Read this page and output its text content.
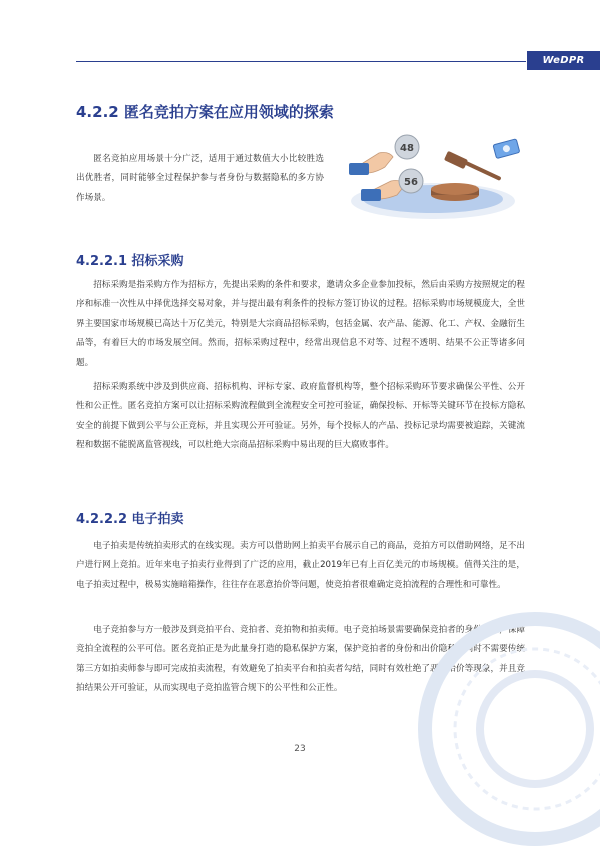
WeDPR
4.2.2 匿名竞拍方案在应用领域的探索

匿名竞拍应用场景十分广泛，适用于通过数值大小比较胜选出优胜者，同时能够全过程保护参与者身份与数据隐私的多方协作场景。

48
56
4.2.2.1 招标采购

招标采购是指采购方作为招标方，先提出采购的条件和要求，邀请众多企业参加投标，然后由采购方按照规定的程序和标准一次性从中择优选择交易对象，并与提出最有利条件的投标方签订协议的过程。招标采购市场规模庞大，全世界主要国家市场规模已高达十万亿美元，特别是大宗商品招标采购，包括金属、农产品、能源、化工、产权、金融衍生品等，有着巨大的市场发展空间。然而，招标采购过程中，经常出现信息不对等、过程不透明、结果不公正等诸多问题。

招标采购系统中涉及到供应商、招标机构、评标专家、政府监督机构等，整个招标采购环节要求确保公平性、公开性和公正性。匿名竞拍方案可以让招标采购流程做到全流程安全可控可验证，确保投标、开标等关键环节在投标方隐私安全的前提下做到公平与公正竞标，并且实现公开可验证。另外，每个投标人的产品、投标记录均需要被追踪，关键流程和数据不能脱离监管视线，可以杜绝大宗商品招标采购中易出现的巨大腐败事件。

4.2.2.2 电子拍卖

电子拍卖是传统拍卖形式的在线实现。卖方可以借助网上拍卖平台展示自己的商品，竞拍方可以借助网络，足不出户进行网上竞拍。近年来电子拍卖行业得到了广泛的应用，截止2019年已有上百亿美元的市场规模。值得关注的是，电子拍卖过程中，极易实施暗箱操作，往往存在恶意抬价等问题，使竞拍者很难确定竞拍流程的合理性和可靠性。

电子竞拍参与方一般涉及到竞拍平台、竞拍者、竞拍物和拍卖师。电子竞拍场景需要确保竞拍者的身份隐私，保障竞拍全流程的公平可信。匿名竞拍正是为此量身打造的隐私保护方案，保护竞拍者的身份和出价隐私，同时不需要传统第三方如拍卖师参与即可完成拍卖流程，有效避免了拍卖平台和拍卖者勾结，同时有效杜绝了恶意抬价等现象，并且竞拍结果公开可验证，从而实现电子竞拍监管合规下的公平性和公正性。

23
